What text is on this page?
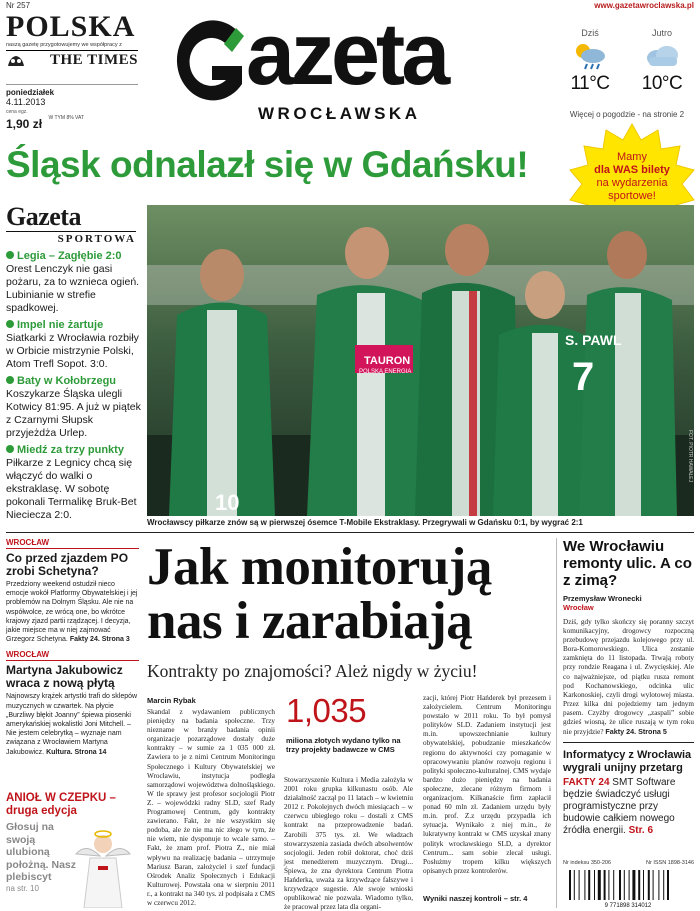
Nr 257	www.gazetawroclawska.pl
POLSKA
naszą gazetę przygotowujemy we współpracy z
THE TIMES
poniedziałek
4.11.2013
cena egz.
1,90 zł W TYM 8% VAT
azeta
WROCŁAWSKA
Dziś
11°C
Jutro
10°C
Więcej o pogodzie - na stronie 2
Śląsk odnalazł się w Gdańsku!	Mamy
dla WAS bilety
na wydarzenia
sportowe!
Gazeta
SPORTOWA
Legia – Zagłębie 2:0
Orest Lenczyk nie gasi pożaru, za to wznieca ogień. Lubinianie w strefie spadkowej.
Impel nie żartuje
Siatkarki z Wrocławia rozbiły w Orbicie mistrzynie Polski, Atom Trefl Sopot. 3:0.
Baty w Kołobrzegu
Koszykarze Śląska ulegli Kotwicy 81:95. A już w piątek z Czarnymi Słupsk przyjeżdża Urlep.
Miedź za trzy punkty
Piłkarze z Legnicy chcą się włączyć do walki o ekstraklasę. W sobotę pokonali Termalikę Bruk-Bet Nieciecza 2:0.
TAURON
POLSKA ENERGIA
S. PAWL
7
10
FOT. PIOTR HAWAŁEJ
Wrocławscy piłkarze znów są w pierwszej ósemce T-Mobile Ekstraklasy. Przegrywali w Gdańsku 0:1, by wygrać 2:1
WROCŁAW
Co przed zjazdem PO zrobi Schetyna?
Przedziony weekend ostudził nieco emocje wokół Platformy Obywatelskiej i jej problemów na Dolnym Śląsku. Ale nie na współwolce, ze wrócą one, bo wkrótce krajowy zjazd partii rządzącej. I decyzja, jakie miejsce ma w niej zajmować Grzegorz Schetyna. Fakty 24. Strona 3
WROCŁAW
Martyna Jakubowicz wraca z nową płytą
Najnowszy krążek artystki trafi do sklepów muzycznych w czwartek. Na płycie „Burzliwy błękit Joanny” śpiewa piosenki amerykańskiej wokalistki Joni Mitchell. – Nie jestem celebrytką – wyznaje nam związana z Wrocławiem Martyna Jakubowicz. Kultura. Strona 14
ANIOŁ W CZEPKU – druga edycja
Głosuj na swoją ulubioną położną. Nasz plebiscyt
na str. 10
Jak monitorują
nas i zarabiają
Kontrakty po znajomości? Ależ nigdy w życiu!
Marcin Rybak
Skandal z wydawaniem publicznych pieniędzy na badania społeczne. Trzy niezname w branży badania opinii organizacje pozarządowe dostały duże kontrakty – w sumie za 1 035 000 zł. Zawiera to je z nimi Centrum Monitoringu Społecznego i Kultury Obywatelskiej we Wrocławiu, instytucja podległa samorządowi województwa dolnośląskiego. W tle sprawy jest profesor socjologii Piotr Z. – wojewódzki radny SLD, szef Rady Programowej Centrum, gdy kontrakty zawierano. Fakt, że nie wszystkim się podoba, ale że nie ma nic złego w tym, że nie wiem, nie dysponuje to wcale samo. – Fakt, że znam prof. Piotra Z., nie miał wpływu na realizację badania – utrzymuje Mariusz Baran, założyciel i szef fundacji Ośrodek Analiz Społecznych i Edukacji Kulturowej. Powstała ona w sierpniu 2011 r., a kontrakt na 340 tys. zł podpisała z CMS w czerwcu 2012.
1,035
miliona złotych wydano tylko na trzy projekty badawcze w CMS
Stowarzyszenie Kultura i Media założyła w 2001 roku grupka kilkunastu osób. Ale działalność zaczął po 11 latach – w kwietniu 2012 r. Pokolejnych dwóch miesiącach – w czerwcu ubiegłego roku – dostali z CMS kontrakt na przeprowadzenie badań. Zarobili 375 tys. zł. We władzach stowarzyszenia zasiada dwóch absolwentów socjologii. Jeden robił doktorat, choć dziś jest menedżerem muzycznym. Drugi... Śpiewa, że zna dyrektora Centrum Piotra Hańderka, uważa za krzywdzące fałszywe i krzywdzące sugestie. Ale swoje wnioski opublikować nie pozwala. Wiadomo tylko, że pracował przez lata dla organi-
zacji, której Piotr Hańderek był prezesem i założycielem. Centrum Monitoringu powstało w 2011 roku. To był pomysł polityków SLD. Zadaniem instytucji jest m.in. upowszechnianie kultury obywatelskiej, pobudzanie mieszkańców regionu do aktywności czy pomaganie w opracowywaniu planów rozwoju regionu i polityki społeczno-kulturalnej. CMS wydaje bardzo dużo pieniędzy na badania społeczne, zlecane różnym firmom i organizacjom. Kilkanaście firm zapłacił ponad 60 mln zł. Zadaniem urzędu były m.in. prof. Z.z urzędu przypadła ich sytuacja. Wynikało z niej m.in., że lukratywny kontrakt w CMS uzyskał znany polityk wrocławskiego SLD, a dyrektor Centrum... sam sobie zlecał usługi. Posłużmy tropem kilku większych opisanych przez kontrolerów.
Wyniki naszej kontroli – str. 4
We Wrocławiu remonty ulic. A co z zimą?
Przemysław Wronecki
Wrocław
Dziś, gdy tylko skończy się poranny szczyt komunikacyjny, drogowcy rozpoczną przebudowę przejazdu kolejowego przy ul. Bora-Komorowskiego. Ulica zostanie zamknięta do 11 listopada. Trwają roboty przy rondzie Reagana i ul. Zwycięskiej. Ale co najważniejsze, od piątku rusza remont pod Kochanowskiego, odcinka ulic Karkonoskiej, czyli drogi wylotowej miasta. Przez kilka dni pojedziemy tam jednym pasem. Czyżby drogowcy „zaspali” sobie gdzieś wiosną, że ulice ruszają w tym roku nie przyjdzie? Fakty 24. Strona 5
Informatycy z Wrocławia wygrali unijny przetarg
FAKTY 24 SMT Software będzie świadczyć usługi programistyczne przy budowie całkiem nowego źródła energii. Str. 6
Nr indeksu 350-206	Nr ISSN 1898-3146
9 771898 314012
